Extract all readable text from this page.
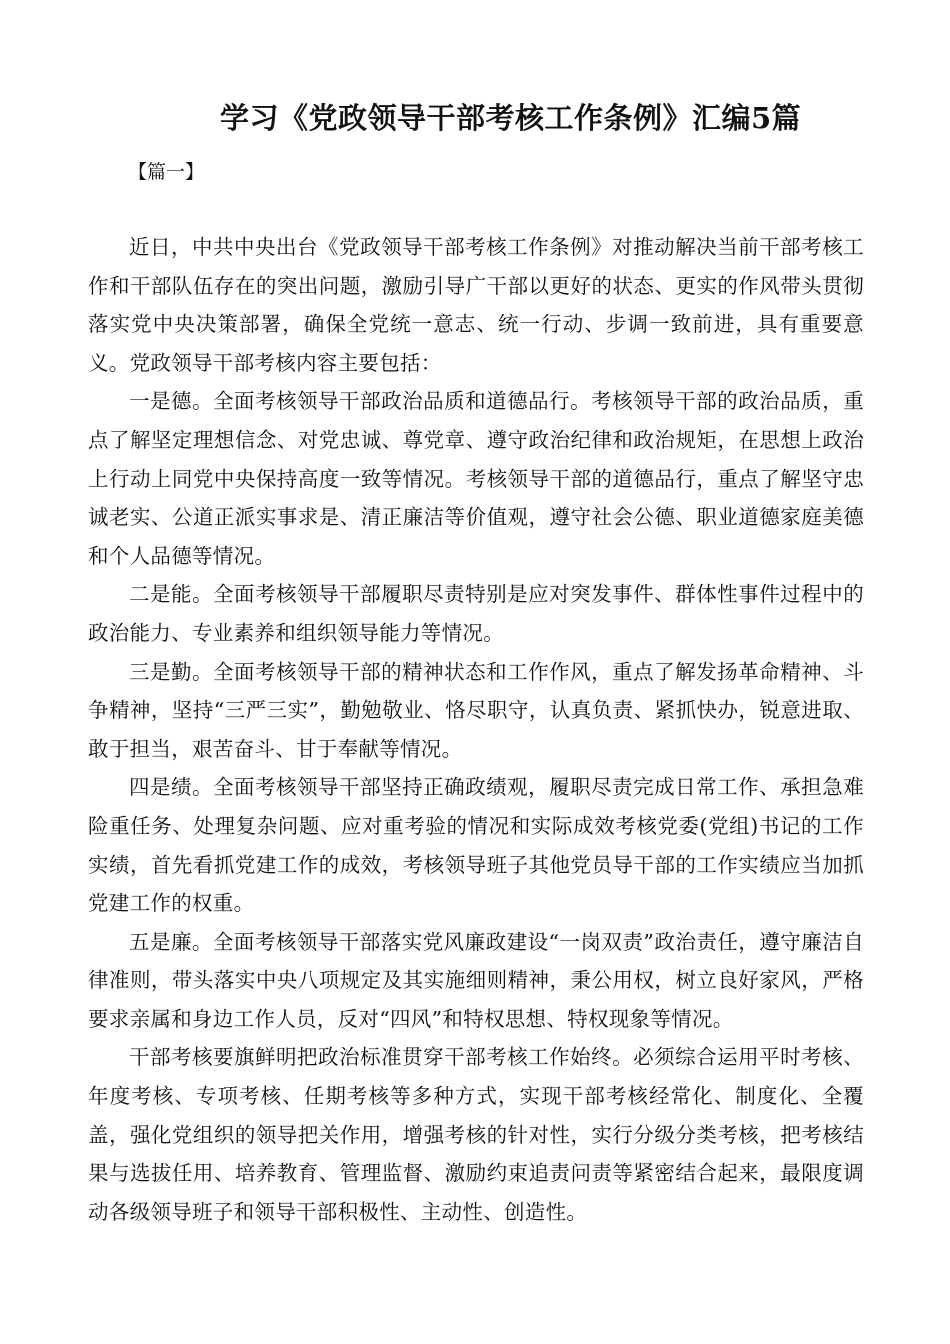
学习《党政领导干部考核工作条例》汇编5篇
【篇一】

近日，中共中央出台《党政领导干部考核工作条例》对推动解决当前干部考核工作和干部队伍存在的突出问题，激励引导广干部以更好的状态、更实的作风带头贯彻落实党中央决策部署，确保全党统一意志、统一行动、步调一致前进，具有重要意义。党政领导干部考核内容主要包括：

一是德。全面考核领导干部政治品质和道德品行。考核领导干部的政治品质，重点了解坚定理想信念、对党忠诚、尊党章、遵守政治纪律和政治规矩，在思想上政治上行动上同党中央保持高度一致等情况。考核领导干部的道德品行，重点了解坚守忠诚老实、公道正派实事求是、清正廉洁等价值观，遵守社会公德、职业道德家庭美德和个人品德等情况。

二是能。全面考核领导干部履职尽责特别是应对突发事件、群体性事件过程中的政治能力、专业素养和组织领导能力等情况。

三是勤。全面考核领导干部的精神状态和工作作风，重点了解发扬革命精神、斗争精神，坚持“三严三实”，勤勉敬业、恪尽职守，认真负责、紧抓快办，锐意进取、敢于担当，艰苦奋斗、甘于奉献等情况。

四是绩。全面考核领导干部坚持正确政绩观，履职尽责完成日常工作、承担急难险重任务、处理复杂问题、应对重考验的情况和实际成效考核党委(党组)书记的工作实绩，首先看抓党建工作的成效，考核领导班子其他党员导干部的工作实绩应当加抓党建工作的权重。

五是廉。全面考核领导干部落实党风廉政建设“一岗双责”政治责任，遵守廉洁自律准则，带头落实中央八项规定及其实施细则精神，秉公用权，树立良好家风，严格要求亲属和身边工作人员，反对“四风”和特权思想、特权现象等情况。

干部考核要旗鲜明把政治标准贯穿干部考核工作始终。必须综合运用平时考核、年度考核、专项考核、任期考核等多种方式，实现干部考核经常化、制度化、全覆盖，强化党组织的领导把关作用，增强考核的针对性，实行分级分类考核，把考核结果与选拔任用、培养教育、管理监督、激励约束追责问责等紧密结合起来，最限度调动各级领导班子和领导干部积极性、主动性、创造性。
